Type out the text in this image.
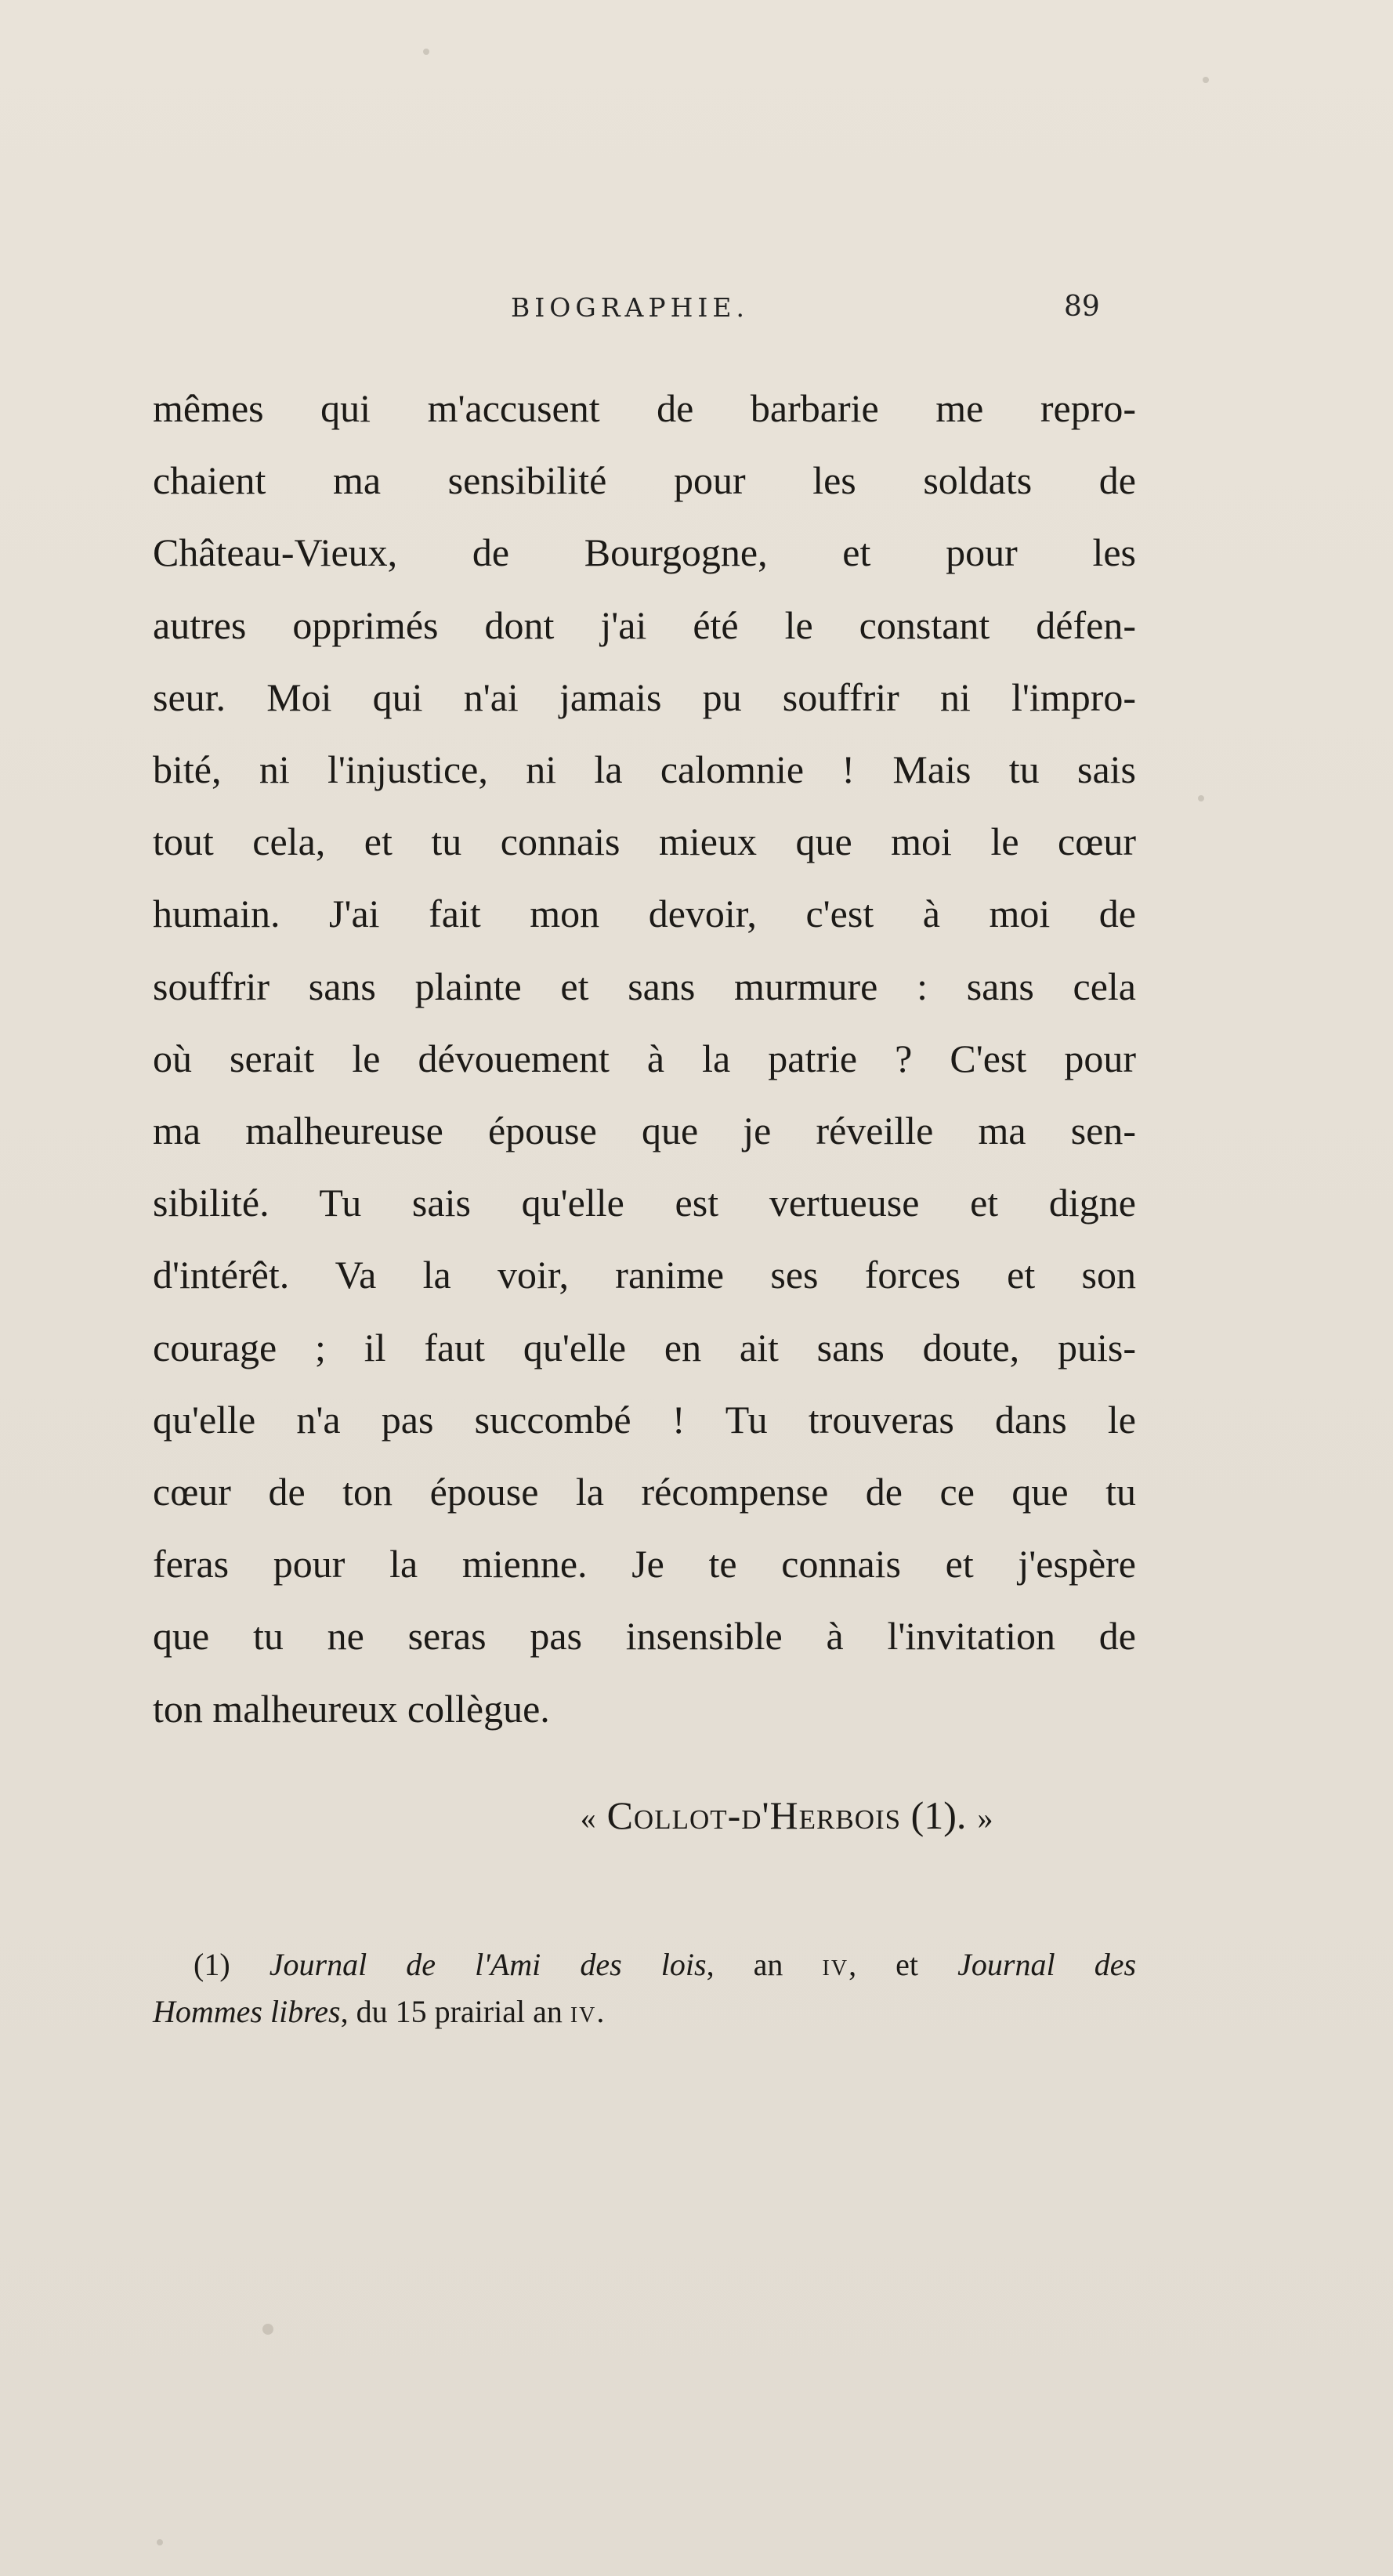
BIOGRAPHIE.	89
mêmes qui m'accusent de barbarie me repro-
chaient ma sensibilité pour les soldats de
Château-Vieux, de Bourgogne, et pour les
autres opprimés dont j'ai été le constant défen-
seur. Moi qui n'ai jamais pu souffrir ni l'impro-
bité, ni l'injustice, ni la calomnie ! Mais tu sais
tout cela, et tu connais mieux que moi le cœur
humain. J'ai fait mon devoir, c'est à moi de
souffrir sans plainte et sans murmure : sans cela
où serait le dévouement à la patrie ? C'est pour
ma malheureuse épouse que je réveille ma sen-
sibilité. Tu sais qu'elle est vertueuse et digne
d'intérêt. Va la voir, ranime ses forces et son
courage ; il faut qu'elle en ait sans doute, puis-
qu'elle n'a pas succombé ! Tu trouveras dans le
cœur de ton épouse la récompense de ce que tu
feras pour la mienne. Je te connais et j'espère
que tu ne seras pas insensible à l'invitation de
ton malheureux collègue.
« Collot-d'Herbois (1). »
(1) Journal de l'Ami des lois, an iv, et Journal des
Hommes libres, du 15 prairial an iv.
